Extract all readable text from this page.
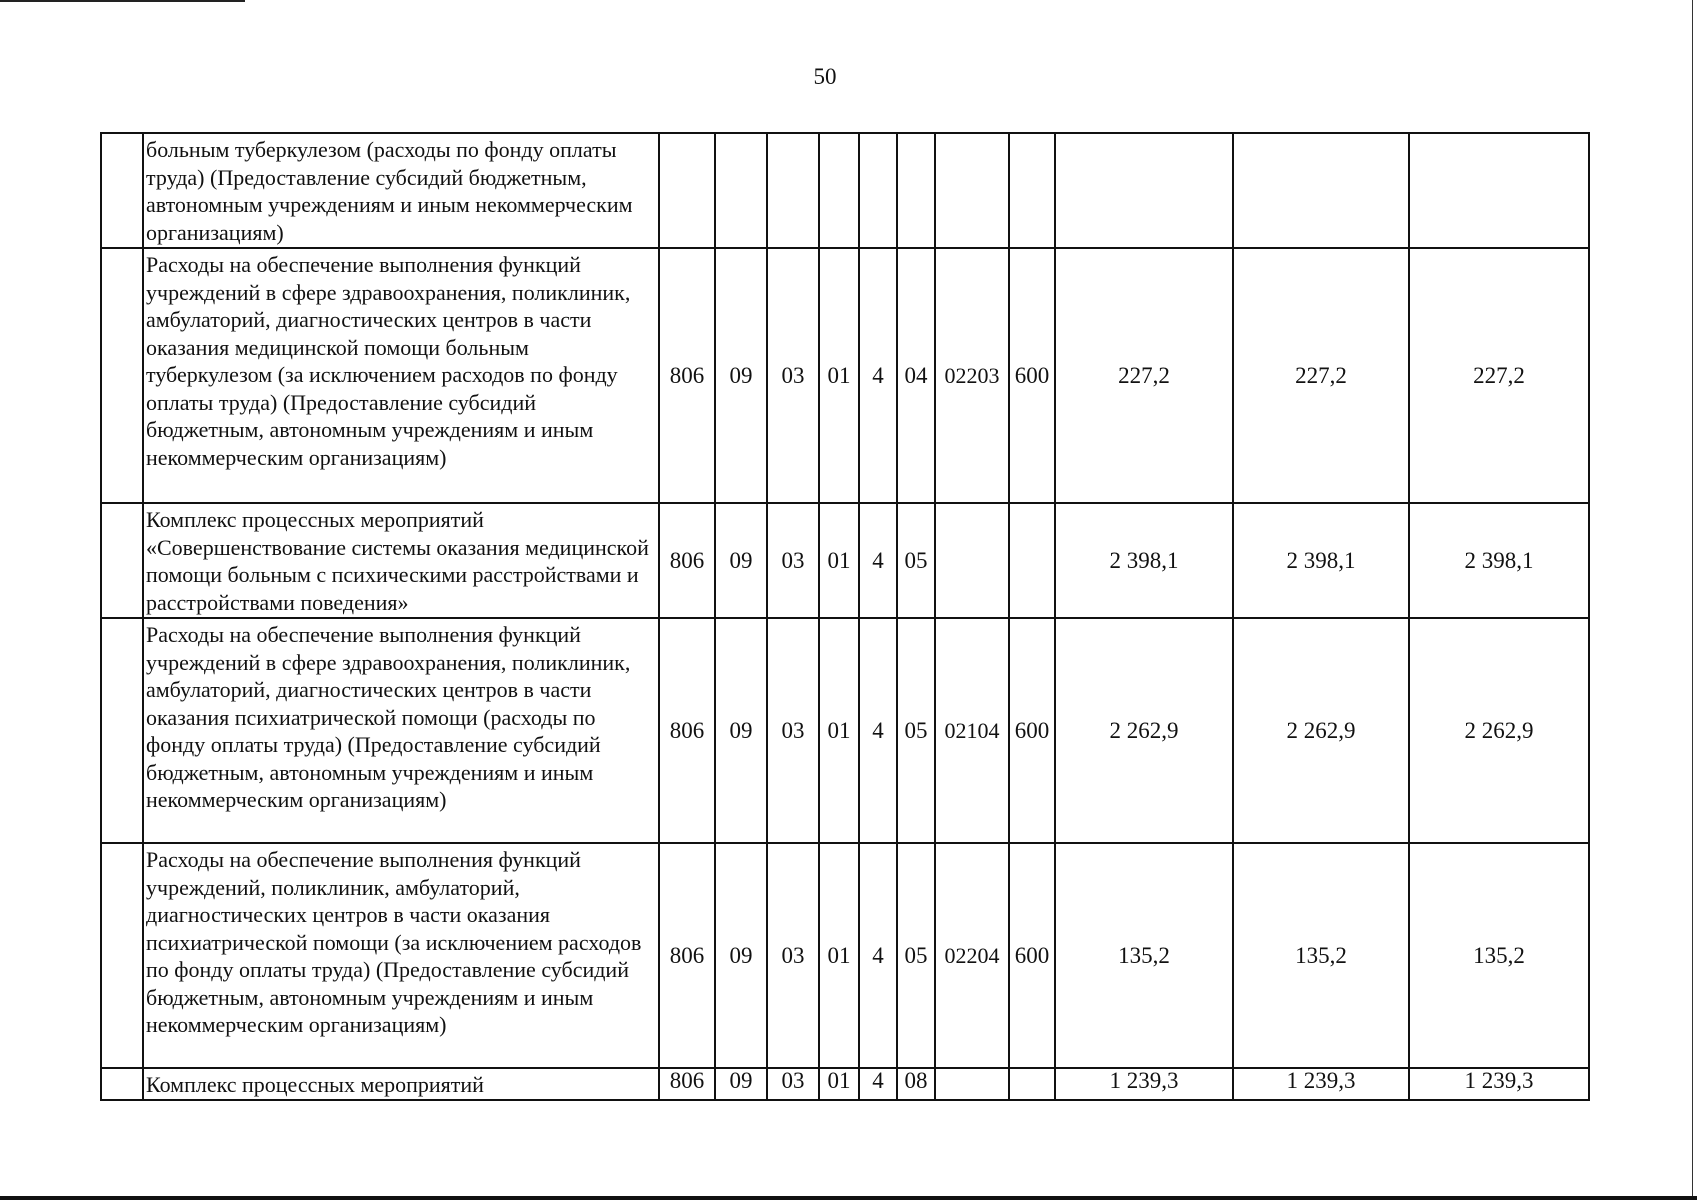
50
	больным туберкулезом (расходы по фонду оплаты труда) (Предоставление субсидий бюджетным, автономным учреждениям и иным некоммерческим организациям)											
	Расходы на обеспечение выполнения функций учреждений в сфере здравоохранения, поликлиник, амбулаторий, диагностических центров в части оказания медицинской помощи больным туберкулезом (за исключением расходов по фонду оплаты труда) (Предоставление субсидий бюджетным, автономным учреждениям и иным некоммерческим организациям)	806	09	03	01	4	04	02203	600	227,2	227,2	227,2
	Комплекс процессных мероприятий «Совершенствование системы оказания медицинской помощи больным с психическими расстройствами и расстройствами поведения»	806	09	03	01	4	05			2 398,1	2 398,1	2 398,1
	Расходы на обеспечение выполнения функций учреждений в сфере здравоохранения, поликлиник, амбулаторий, диагностических центров в части оказания психиатрической помощи (расходы по фонду оплаты труда) (Предоставление субсидий бюджетным, автономным учреждениям и иным некоммерческим организациям)	806	09	03	01	4	05	02104	600	2 262,9	2 262,9	2 262,9
	Расходы на обеспечение выполнения функций учреждений, поликлиник, амбулаторий, диагностических центров в части оказания психиатрической помощи (за исключением расходов по фонду оплаты труда) (Предоставление субсидий бюджетным, автономным учреждениям и иным некоммерческим организациям)	806	09	03	01	4	05	02204	600	135,2	135,2	135,2
	Комплекс процессных мероприятий	806	09	03	01	4	08			1 239,3	1 239,3	1 239,3
